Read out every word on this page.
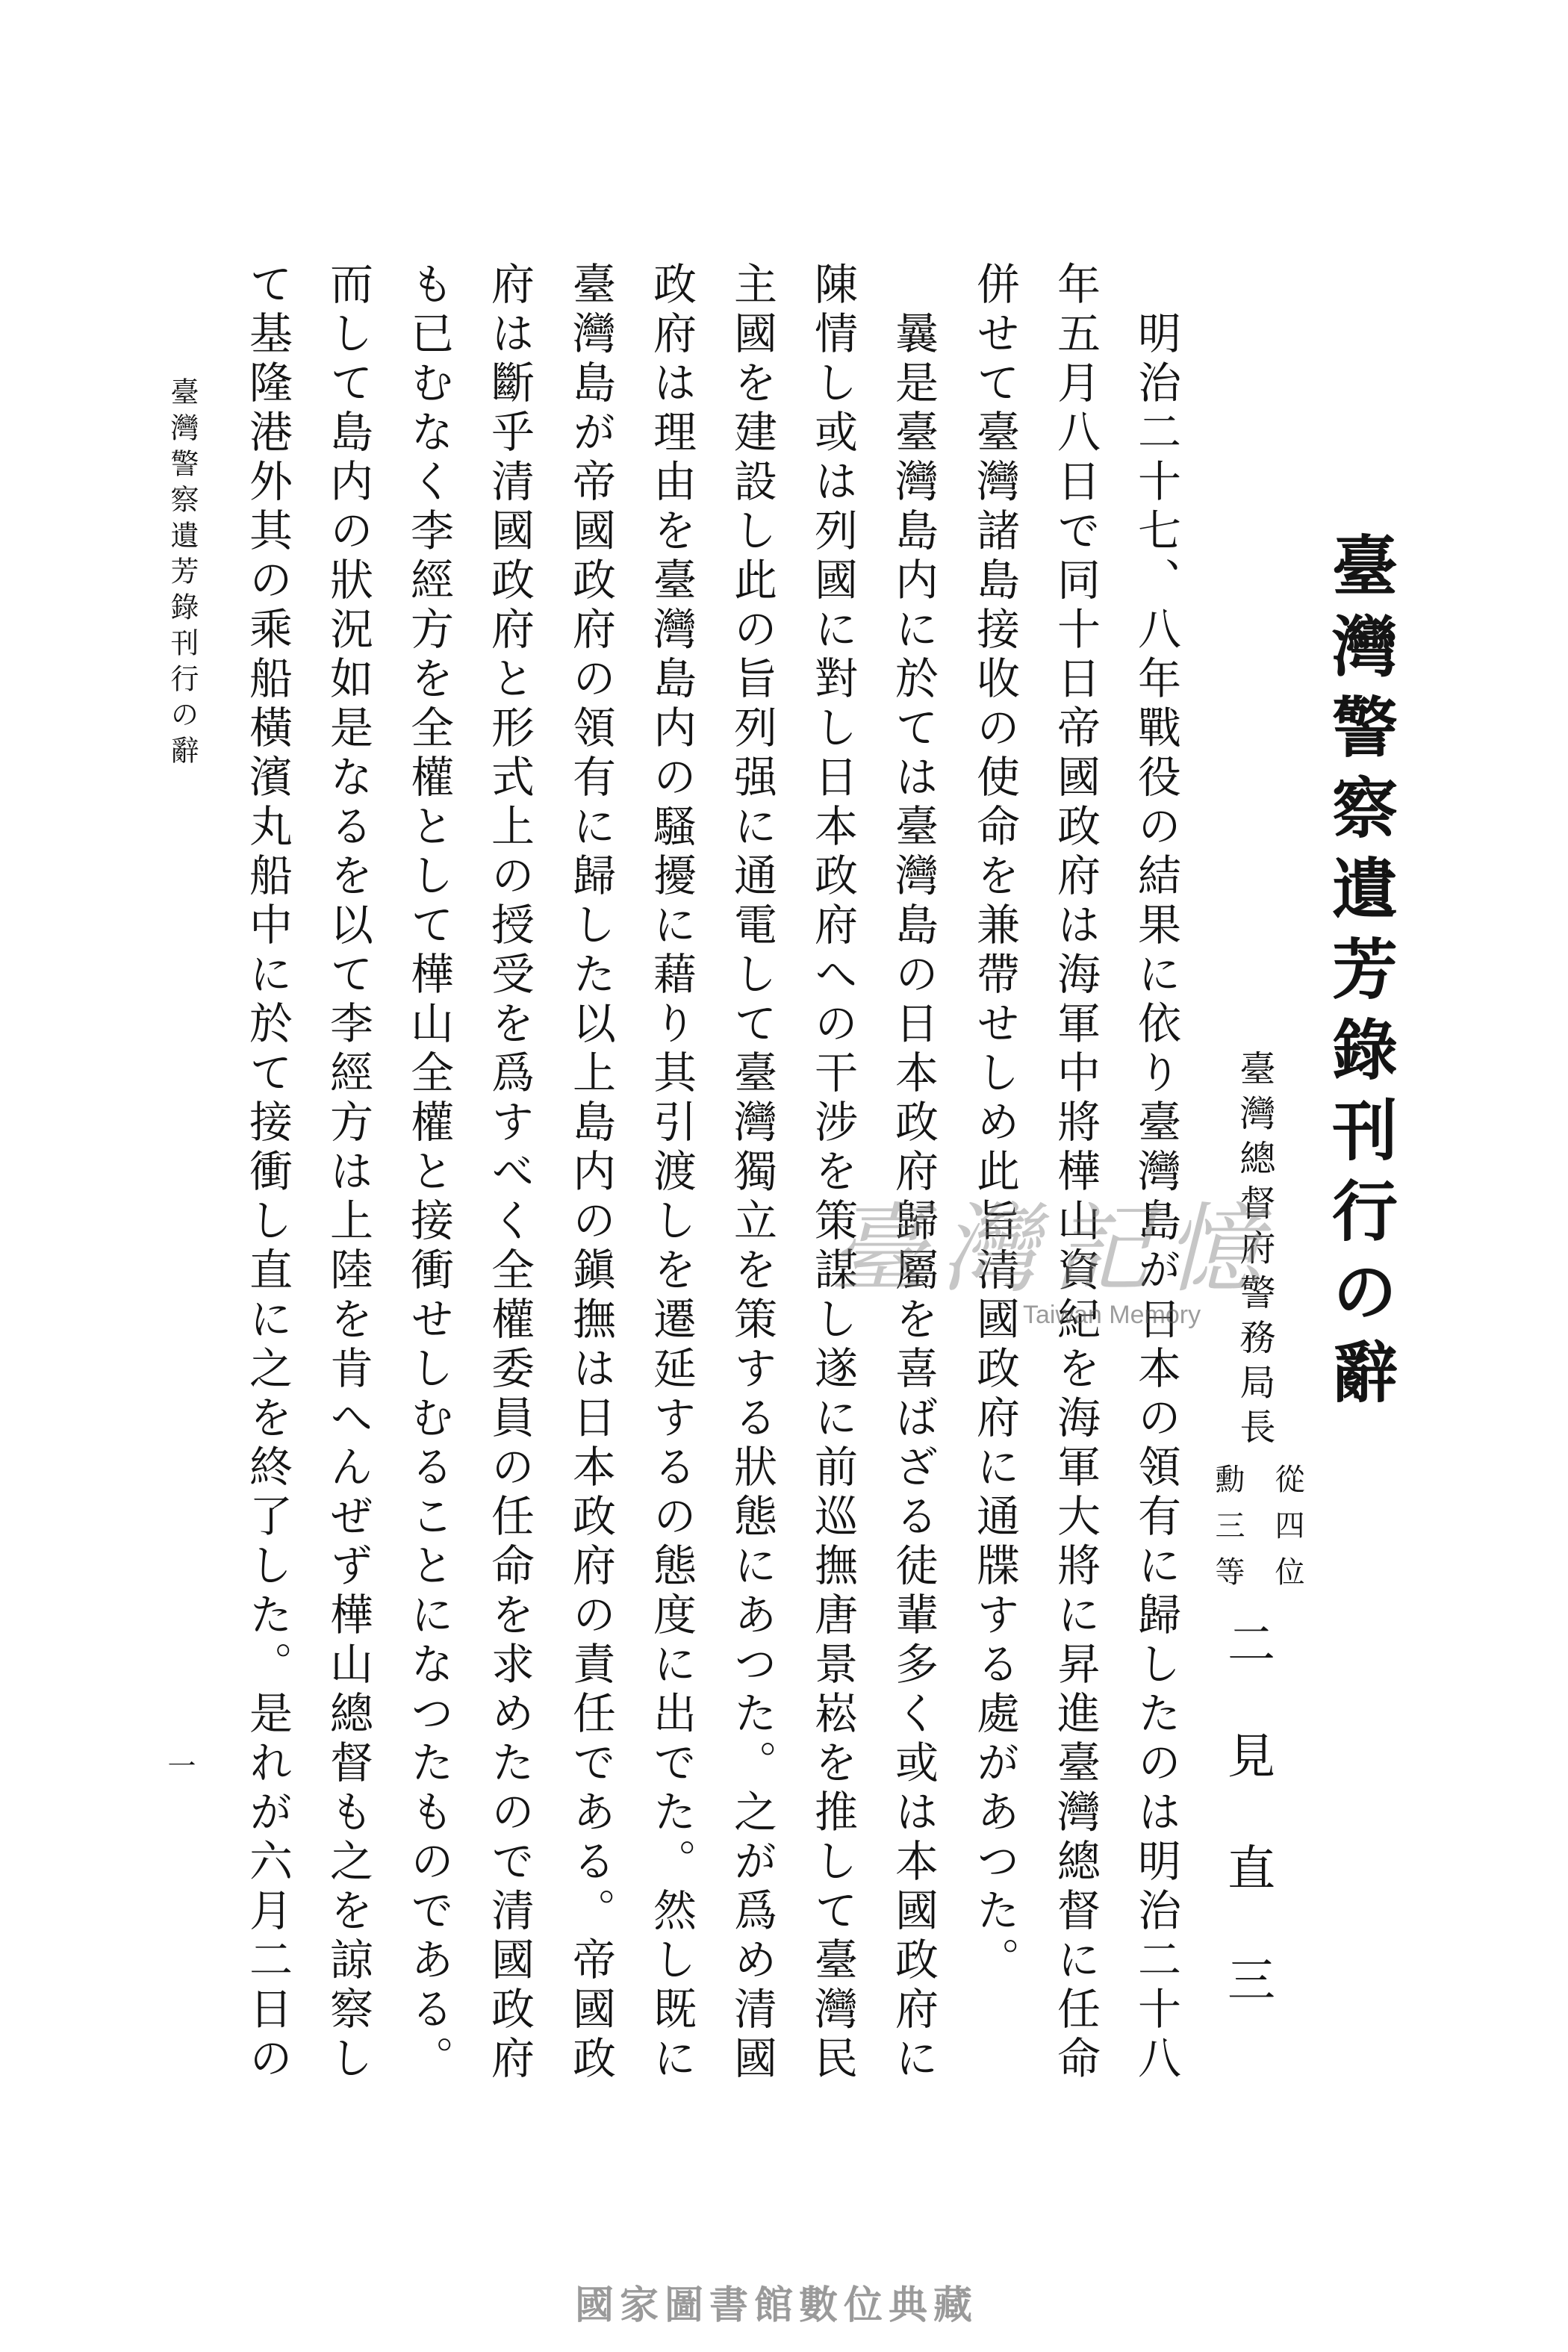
臺灣警察遺芳錄刊行の辭
臺灣總督府警務局長
從四位
勳三等
二見直三
明治二十七、八年戰役の結果に依り臺灣島が日本の領有に歸したのは明治二十八
年五月八日で同十日帝國政府は海軍中將樺山資紀を海軍大將に昇進臺灣總督に任命
併せて臺灣諸島接收の使命を兼帶せしめ此旨清國政府に通牒する處があつた。
曩是臺灣島内に於ては臺灣島の日本政府歸屬を喜ばざる徒輩多く或は本國政府に
陳情し或は列國に對し日本政府への干涉を策謀し遂に前巡撫唐景崧を推して臺灣民
主國を建設し此の旨列强に通電して臺灣獨立を策する狀態にあつた。之が爲め清國
政府は理由を臺灣島内の騷擾に藉り其引渡しを遷延するの態度に出でた。然し既に
臺灣島が帝國政府の領有に歸した以上島内の鎭撫は日本政府の責任である。帝國政
府は斷乎清國政府と形式上の授受を爲すべく全權委員の任命を求めたので清國政府
も已むなく李經方を全權として樺山全權と接衝せしむることになつたものである。
而して島内の狀況如是なるを以て李經方は上陸を肯へんぜず樺山總督も之を諒察し
て基隆港外其の乘船橫濱丸船中に於て接衝し直に之を終了した。是れが六月二日の
臺灣警察遺芳錄刊行の辭
一
臺灣記憶
Taiwan Memory
國家圖書館數位典藏
